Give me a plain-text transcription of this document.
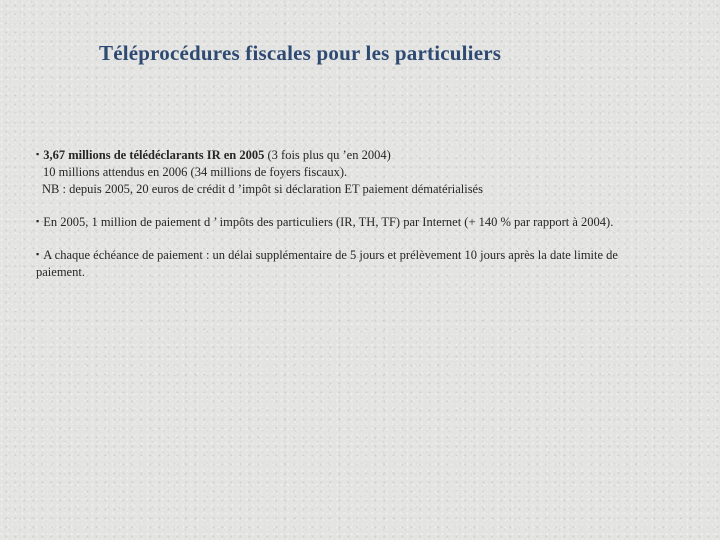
Téléprocédures fiscales pour les particuliers
▪ 3,67 millions de télédéclarants IR en 2005 (3 fois plus qu ’en 2004)
10 millions attendus en 2006 (34 millions de foyers fiscaux).
NB : depuis 2005, 20 euros de crédit d ’impôt si déclaration ET paiement dématérialisés
▪ En 2005, 1 million de paiement d ’ impôts des particuliers (IR, TH, TF) par Internet (+ 140 % par rapport à 2004).
▪ A chaque échéance de paiement : un délai supplémentaire de 5 jours et prélèvement 10 jours après la date limite de paiement.
